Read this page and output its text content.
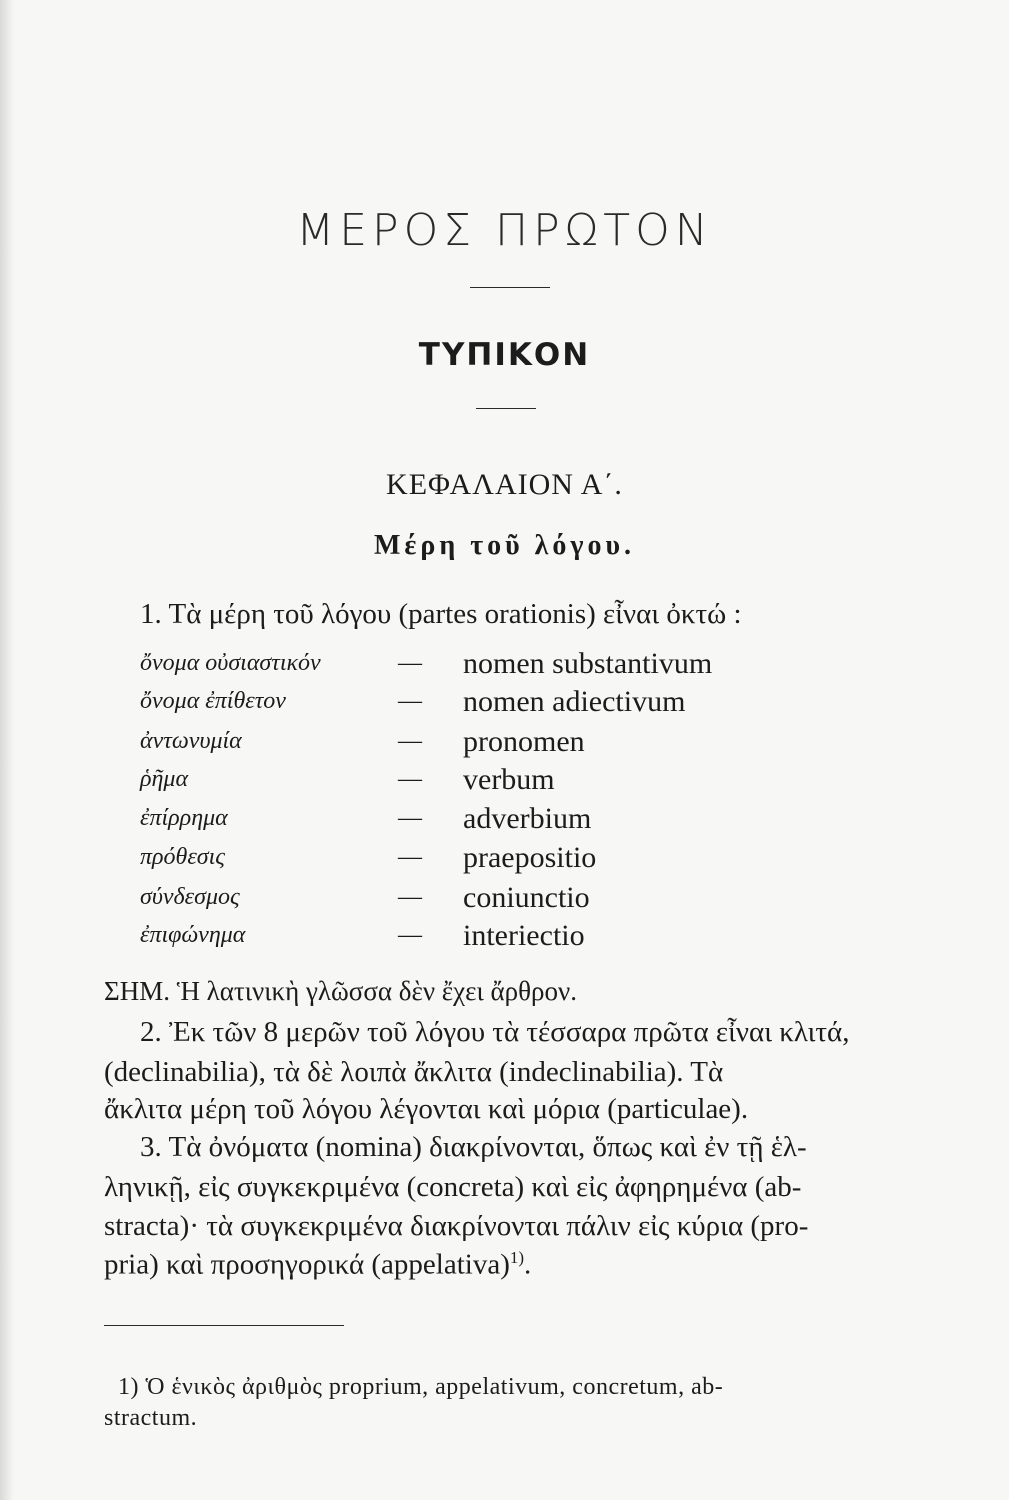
ΜΕΡΟΣ ΠΡΩΤΟΝ
ΤΥΠΙΚΟΝ
ΚΕΦΑΛΑΙΟΝ Α΄.
Μέρη τοῦ λόγου.
1. Τὰ μέρη τοῦ λόγου (partes orationis) εἶναι ὀκτώ :
ὄνομα οὐσιαστικόν	— nomen substantivum
ὄνομα ἐπίθετον	— nomen adiectivum
ἀντωνυμία	— pronomen
ῥῆμα	— verbum
ἐπίρρημα	— adverbium
πρόθεσις	— praepositio
σύνδεσμος	— coniunctio
ἐπιφώνημα	— interiectio
ΣΗΜ. Ἡ λατινικὴ γλῶσσα δὲν ἔχει ἄρθρον.
2. Ἐκ τῶν 8 μερῶν τοῦ λόγου τὰ τέσσαρα πρῶτα εἶναι κλιτά,
(declinabilia), τὰ δὲ λοιπὰ ἄκλιτα (indeclinabilia). Τὰ
ἄκλιτα μέρη τοῦ λόγου λέγονται καὶ μόρια (particulae).
3. Τὰ ὀνόματα (nomina) διακρίνονται, ὅπως καὶ ἐν τῇ ἑλ-
ληνικῇ, εἰς συγκεκριμένα (concreta) καὶ εἰς ἀφηρημένα (ab-
stracta)· τὰ συγκεκριμένα διακρίνονται πάλιν εἰς κύρια (pro-
pria) καὶ προσηγορικά (appelativa)$^{1)}$.
1) Ὁ ἑνικὸς ἀριθμὸς proprium, appelativum, concretum, ab-
stractum.
